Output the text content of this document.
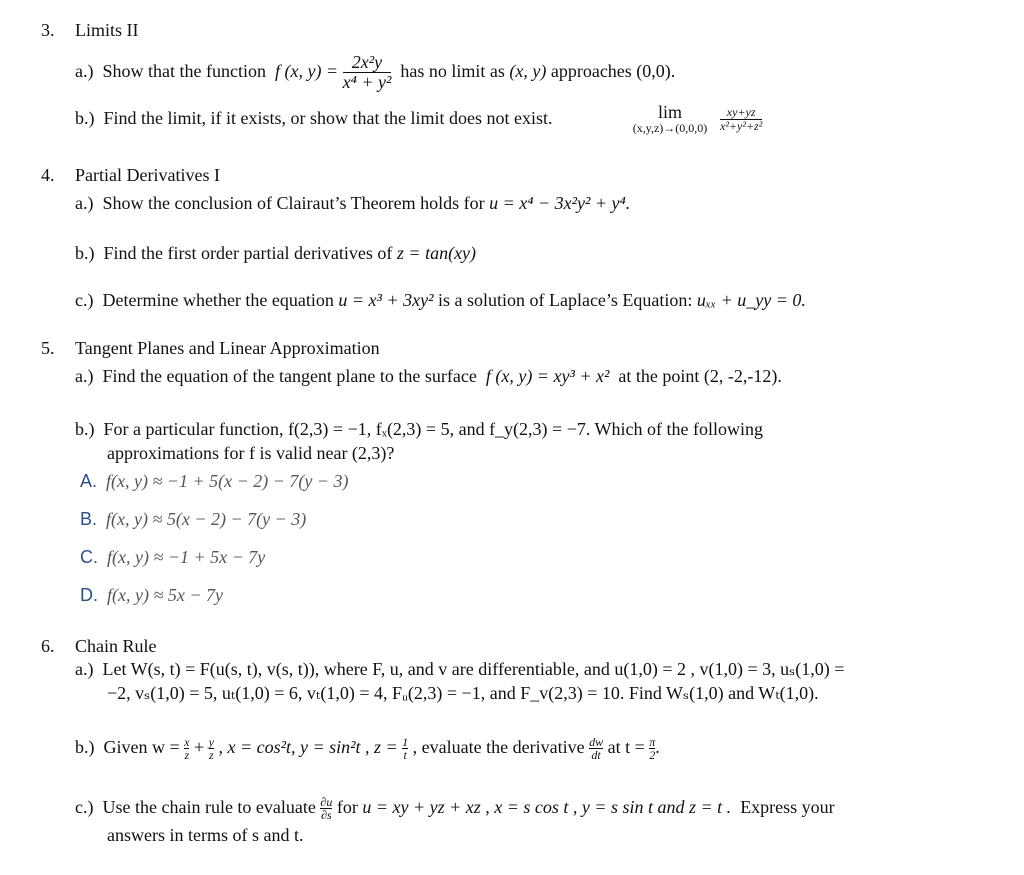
3. Limits II
a.) Show that the function f (x, $y) = \frac{\text{2x²y}}{\text{x⁴ + y²}}$ has no limit as (x, y) approaches (0,0).
b.) Find the limit, if it exists, or show that the limit does not exist.	lim
(x,y,z)→(0,0,0)	$\frac{xy+yz}{\text{x²+y²+z²}}$
4. Partial Derivatives I
a.) Show the conclusion of Clairaut’s Theorem holds for u = x⁴ − 3x²y² + y⁴.
b.) Find the first order partial derivatives of z = tan(xy)
c.) Determine whether the equation u = x³ + 3xy² is a solution of Laplace’s Equation: uₓₓ + u_yy = 0.
5. Tangent Planes and Linear Approximation
a.) Find the equation of the tangent plane to the surface f (x, y) = xy³ + x² at the point (2, -2,-12).
b.) For a particular function, f(2,3) = −1, fₓ(2,3) = 5, and f_y(2,3) = −7. Which of the following
approximations for f is valid near (2,3)?
A. f(x, y) ≈ −1 + 5(x − 2) − 7(y − 3)
B. f(x, y) ≈ 5(x − 2) − 7(y − 3)
C. f(x, y) ≈ −1 + 5x − 7y
D. f(x, y) ≈ 5x − 7y
6. Chain Rule
a.) Let W(s, t) = F(u(s, t), v(s, t)), where F, u, and v are differentiable, and u(1,0) = 2 , v(1,0) = 3, uₛ(1,0) =
−2, vₛ(1,0) = 5, uₜ(1,0) = 6, vₜ(1,0) = 4, Fᵤ(2,3) = −1, and F_v(2,3) = 10. Find Wₛ(1,0) and Wₜ(1,0).
b.) Given $w = \frac{x}{z} + \frac{y}{z}$ , x = cos²t, y = sin²t , $z = \frac{1}{t}$ , evaluate the derivative $\frac{dw}{dt}$ at $t = \frac{\pi}{2}$ .
c.) Use the chain rule to evaluate $\frac{\partial u}{\partial s}$ for u = xy + yz + xz , x = s cos t , y = s sin t and z = t . Express your
answers in terms of s and t.
